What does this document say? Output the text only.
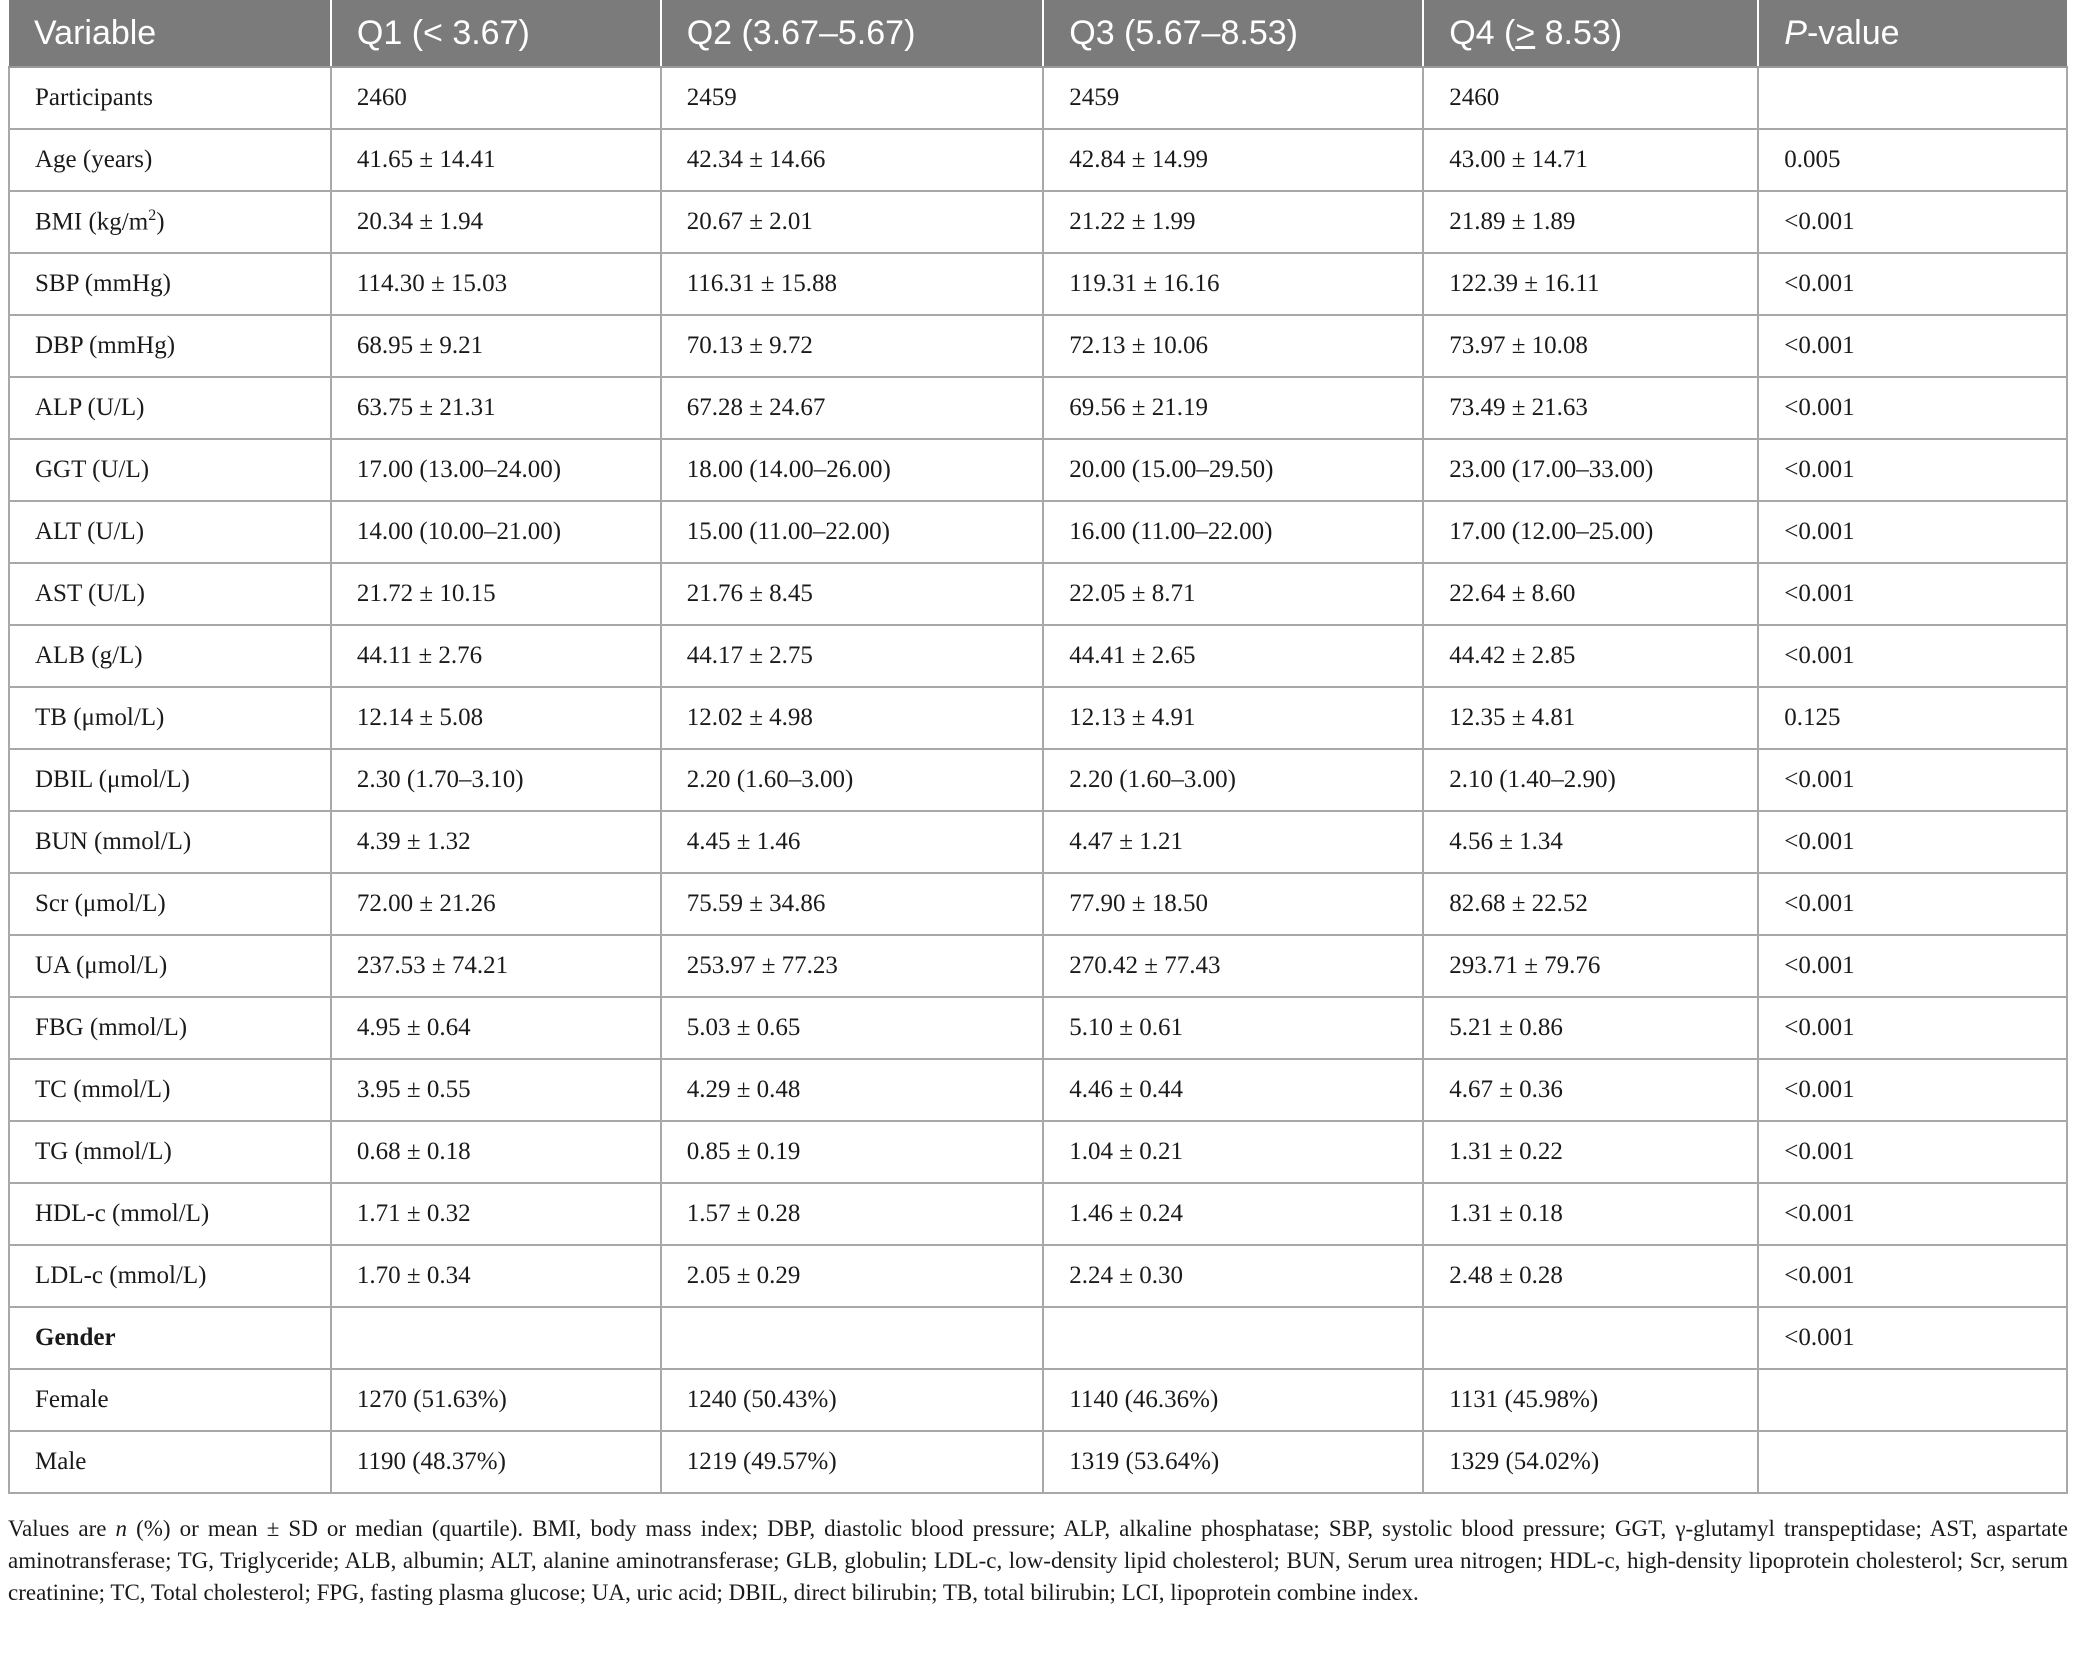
Variable	Q1 (< 3.67)	Q2 (3.67–5.67)	Q3 (5.67–8.53)	Q4 (> 8.53)	P-value
Participants	2460	2459	2459	2460	
Age (years)	41.65 ± 14.41	42.34 ± 14.66	42.84 ± 14.99	43.00 ± 14.71	0.005
BMI $(kg/m^2)$	20.34 ± 1.94	20.67 ± 2.01	21.22 ± 1.99	21.89 ± 1.89	<0.001
SBP (mmHg)	114.30 ± 15.03	116.31 ± 15.88	119.31 ± 16.16	122.39 ± 16.11	<0.001
DBP (mmHg)	68.95 ± 9.21	70.13 ± 9.72	72.13 ± 10.06	73.97 ± 10.08	<0.001
ALP (U/L)	63.75 ± 21.31	67.28 ± 24.67	69.56 ± 21.19	73.49 ± 21.63	<0.001
GGT (U/L)	17.00 (13.00–24.00)	18.00 (14.00–26.00)	20.00 (15.00–29.50)	23.00 (17.00–33.00)	<0.001
ALT (U/L)	14.00 (10.00–21.00)	15.00 (11.00–22.00)	16.00 (11.00–22.00)	17.00 (12.00–25.00)	<0.001
AST (U/L)	21.72 ± 10.15	21.76 ± 8.45	22.05 ± 8.71	22.64 ± 8.60	<0.001
ALB (g/L)	44.11 ± 2.76	44.17 ± 2.75	44.41 ± 2.65	44.42 ± 2.85	<0.001
TB (μmol/L)	12.14 ± 5.08	12.02 ± 4.98	12.13 ± 4.91	12.35 ± 4.81	0.125
DBIL (μmol/L)	2.30 (1.70–3.10)	2.20 (1.60–3.00)	2.20 (1.60–3.00)	2.10 (1.40–2.90)	<0.001
BUN (mmol/L)	4.39 ± 1.32	4.45 ± 1.46	4.47 ± 1.21	4.56 ± 1.34	<0.001
Scr (μmol/L)	72.00 ± 21.26	75.59 ± 34.86	77.90 ± 18.50	82.68 ± 22.52	<0.001
UA (μmol/L)	237.53 ± 74.21	253.97 ± 77.23	270.42 ± 77.43	293.71 ± 79.76	<0.001
FBG (mmol/L)	4.95 ± 0.64	5.03 ± 0.65	5.10 ± 0.61	5.21 ± 0.86	<0.001
TC (mmol/L)	3.95 ± 0.55	4.29 ± 0.48	4.46 ± 0.44	4.67 ± 0.36	<0.001
TG (mmol/L)	0.68 ± 0.18	0.85 ± 0.19	1.04 ± 0.21	1.31 ± 0.22	<0.001
HDL-c (mmol/L)	1.71 ± 0.32	1.57 ± 0.28	1.46 ± 0.24	1.31 ± 0.18	<0.001
LDL-c (mmol/L)	1.70 ± 0.34	2.05 ± 0.29	2.24 ± 0.30	2.48 ± 0.28	<0.001
Gender					<0.001
Female	1270 (51.63%)	1240 (50.43%)	1140 (46.36%)	1131 (45.98%)	
Male	1190 (48.37%)	1219 (49.57%)	1319 (53.64%)	1329 (54.02%)	
Values are n (%) or mean ± SD or median (quartile). BMI, body mass index; DBP, diastolic blood pressure; ALP, alkaline phosphatase; SBP, systolic blood pressure; GGT, γ-glutamyl transpeptidase; AST, aspartate aminotransferase; TG, Triglyceride; ALB, albumin; ALT, alanine aminotransferase; GLB, globulin; LDL-c, low-density lipid cholesterol; BUN, Serum urea nitrogen; HDL-c, high-density lipoprotein cholesterol; Scr, serum creatinine; TC, Total cholesterol; FPG, fasting plasma glucose; UA, uric acid; DBIL, direct bilirubin; TB, total bilirubin; LCI, lipoprotein combine index.
